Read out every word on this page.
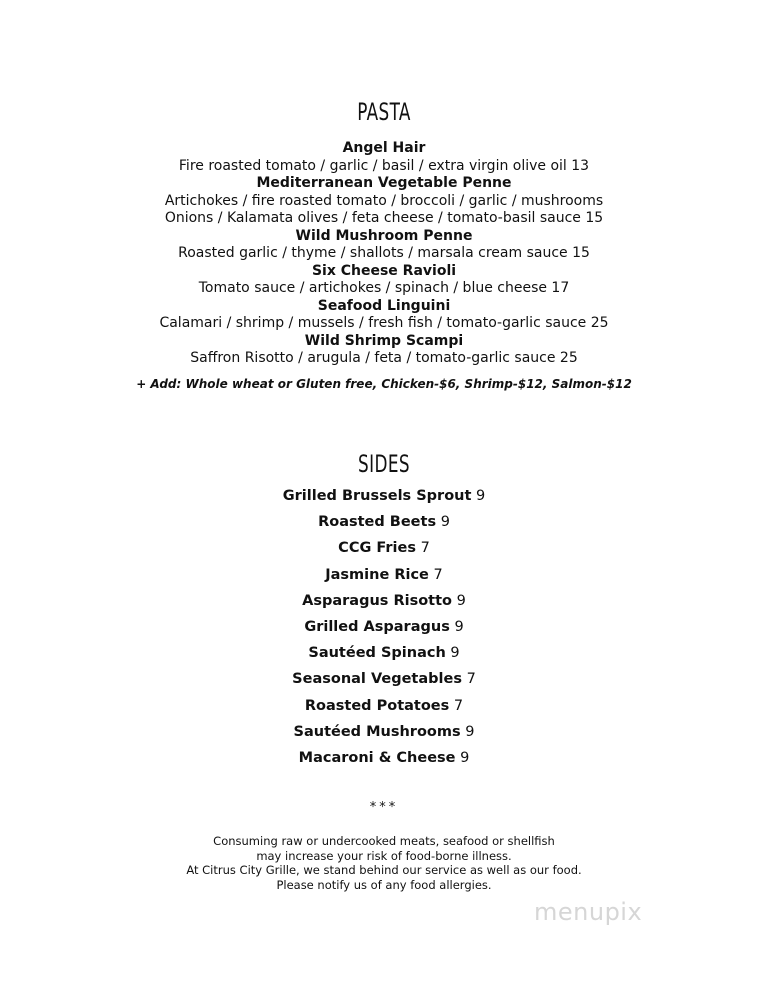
PASTA
Angel Hair
Fire roasted tomato / garlic / basil / extra virgin olive oil 13
Mediterranean Vegetable Penne
Artichokes / fire roasted tomato / broccoli / garlic / mushrooms
Onions / Kalamata olives / feta cheese / tomato-basil sauce 15
Wild Mushroom Penne
Roasted garlic / thyme / shallots / marsala cream sauce 15
Six Cheese Ravioli
Tomato sauce / artichokes / spinach / blue cheese 17
Seafood Linguini
Calamari / shrimp / mussels / fresh fish / tomato-garlic sauce 25
Wild Shrimp Scampi
Saffron Risotto / arugula / feta / tomato-garlic sauce 25
+ Add: Whole wheat or Gluten free, Chicken-$6, Shrimp-$12, Salmon-$12
SIDES
Grilled Brussels Sprout 9
Roasted Beets 9
CCG Fries 7
Jasmine Rice 7
Asparagus Risotto 9
Grilled Asparagus 9
Sautéed Spinach 9
Seasonal Vegetables 7
Roasted Potatoes 7
Sautéed Mushrooms 9
Macaroni & Cheese 9
***
Consuming raw or undercooked meats, seafood or shellfish
may increase your risk of food-borne illness.
At Citrus City Grille, we stand behind our service as well as our food.
Please notify us of any food allergies.
menupix
